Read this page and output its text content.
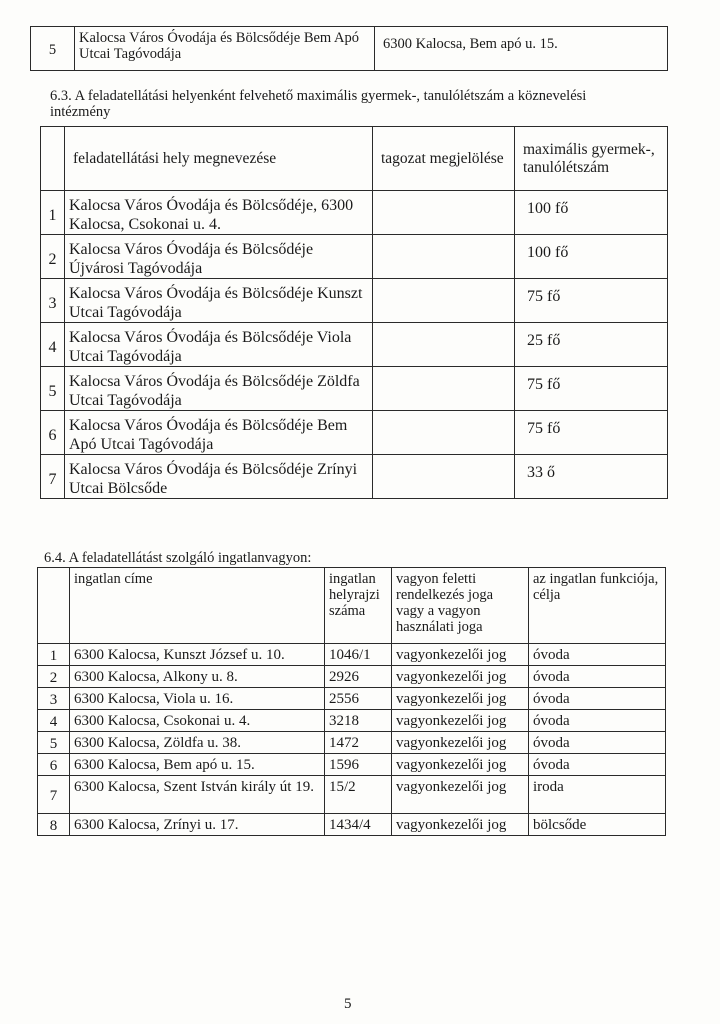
5	Kalocsa Város Óvodája és Bölcsődéje Bem Apó Utcai Tagóvodája	6300 Kalocsa, Bem apó u. 15.
6.3. A feladatellátási helyenként felvehető maximális gyermek-, tanulólétszám a köznevelési
intézmény
	feladatellátási hely megnevezése	tagozat megjelölése	maximális gyermek-, tanulólétszám
1	Kalocsa Város Óvodája és Bölcsődéje, 6300 Kalocsa, Csokonai u. 4.		100 fő
2	Kalocsa Város Óvodája és Bölcsődéje Újvárosi Tagóvodája		100 fő
3	Kalocsa Város Óvodája és Bölcsődéje Kunszt Utcai Tagóvodája		75 fő
4	Kalocsa Város Óvodája és Bölcsődéje Viola Utcai Tagóvodája		25 fő
5	Kalocsa Város Óvodája és Bölcsődéje Zöldfa Utcai Tagóvodája		75 fő
6	Kalocsa Város Óvodája és Bölcsődéje Bem Apó Utcai Tagóvodája		75 fő
7	Kalocsa Város Óvodája és Bölcsődéje Zrínyi Utcai Bölcsőde		33 ő
6.4. A feladatellátást szolgáló ingatlanvagyon:
	ingatlan címe	ingatlan helyrajzi száma	vagyon feletti rendelkezés joga vagy a vagyon használati joga	az ingatlan funkciója, célja
1	6300 Kalocsa, Kunszt József u. 10.	1046/1	vagyonkezelői jog	óvoda
2	6300 Kalocsa, Alkony u. 8.	2926	vagyonkezelői jog	óvoda
3	6300 Kalocsa, Viola u. 16.	2556	vagyonkezelői jog	óvoda
4	6300 Kalocsa, Csokonai u. 4.	3218	vagyonkezelői jog	óvoda
5	6300 Kalocsa, Zöldfa u. 38.	1472	vagyonkezelői jog	óvoda
6	6300 Kalocsa, Bem apó u. 15.	1596	vagyonkezelői jog	óvoda
7	6300 Kalocsa, Szent István király út 19.	15/2	vagyonkezelői jog	iroda
8	6300 Kalocsa, Zrínyi u. 17.	1434/4	vagyonkezelői jog	bölcsőde
5
